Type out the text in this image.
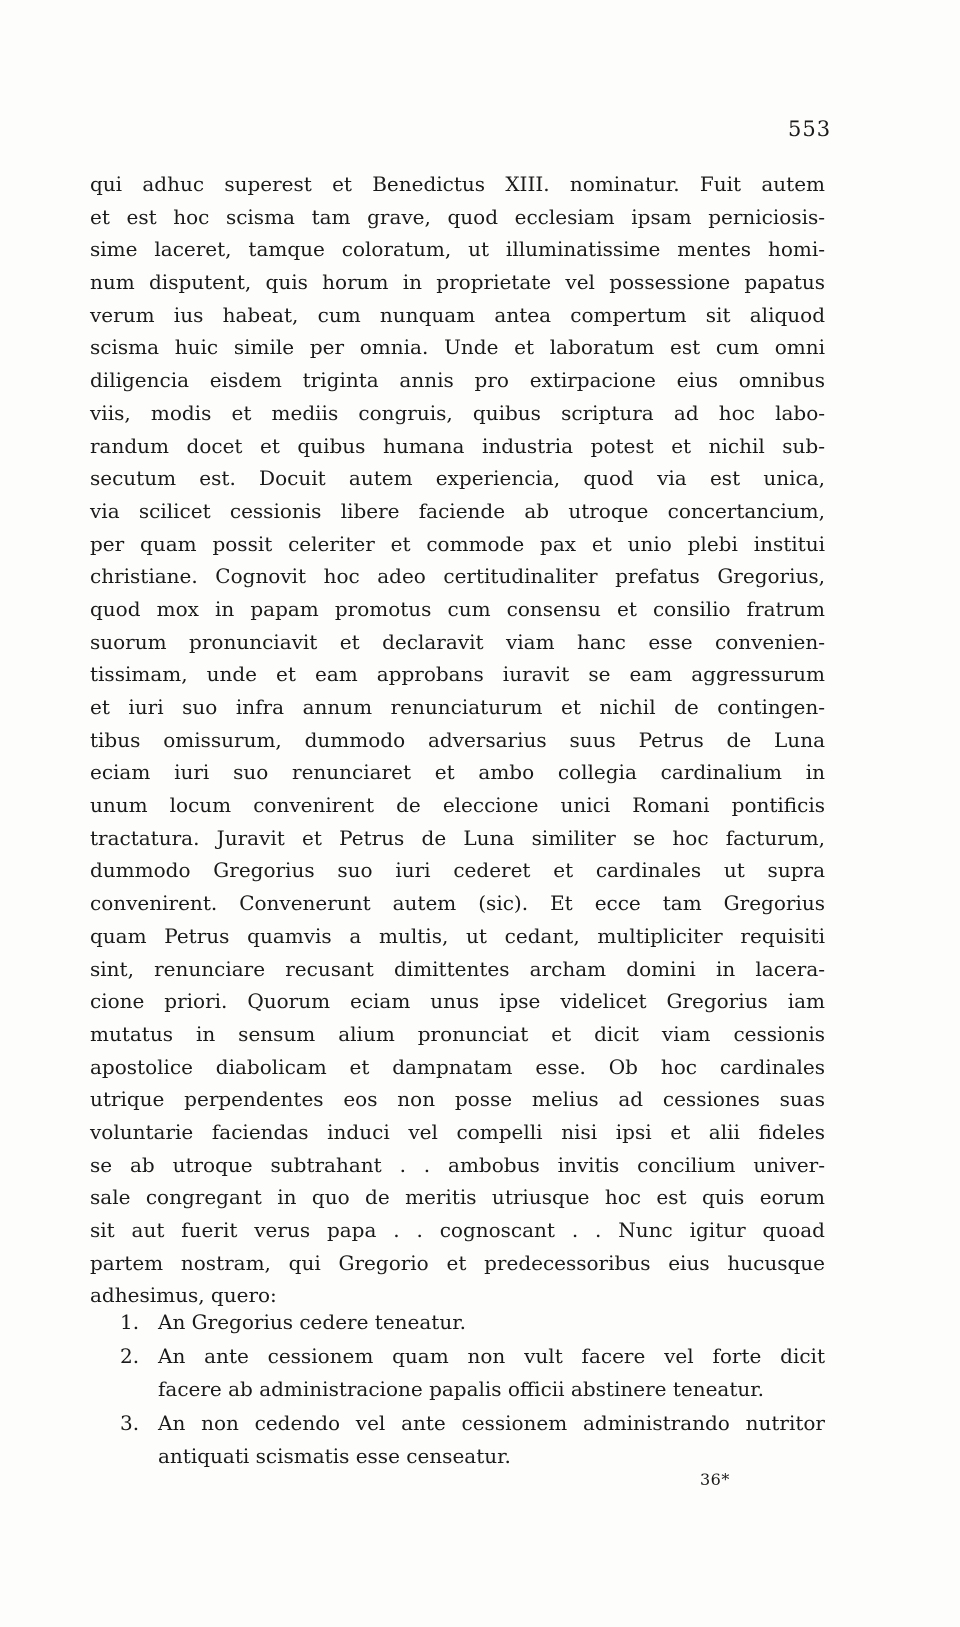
553
qui adhuc superest et Benedictus XIII. nominatur. Fuit autem
et est hoc scisma tam grave, quod ecclesiam ipsam perniciosis-
sime laceret, tamque coloratum, ut illuminatissime mentes homi-
num disputent, quis horum in proprietate vel possessione papatus
verum ius habeat, cum nunquam antea compertum sit aliquod
scisma huic simile per omnia. Unde et laboratum est cum omni
diligencia eisdem triginta annis pro extirpacione eius omnibus
viis, modis et mediis congruis, quibus scriptura ad hoc labo-
randum docet et quibus humana industria potest et nichil sub-
secutum est. Docuit autem experiencia, quod via est unica,
via scilicet cessionis libere faciende ab utroque concertancium,
per quam possit celeriter et commode pax et unio plebi institui
christiane. Cognovit hoc adeo certitudinaliter prefatus Gregorius,
quod mox in papam promotus cum consensu et consilio fratrum
suorum pronunciavit et declaravit viam hanc esse convenien-
tissimam, unde et eam approbans iuravit se eam aggressurum
et iuri suo infra annum renunciaturum et nichil de contingen-
tibus omissurum, dummodo adversarius suus Petrus de Luna
eciam iuri suo renunciaret et ambo collegia cardinalium in
unum locum convenirent de eleccione unici Romani pontificis
tractatura. Juravit et Petrus de Luna similiter se hoc facturum,
dummodo Gregorius suo iuri cederet et cardinales ut supra
convenirent. Convenerunt autem (sic). Et ecce tam Gregorius
quam Petrus quamvis a multis, ut cedant, multipliciter requisiti
sint, renunciare recusant dimittentes archam domini in lacera-
cione priori. Quorum eciam unus ipse videlicet Gregorius iam
mutatus in sensum alium pronunciat et dicit viam cessionis
apostolice diabolicam et dampnatam esse. Ob hoc cardinales
utrique perpendentes eos non posse melius ad cessiones suas
voluntarie faciendas induci vel compelli nisi ipsi et alii fideles
se ab utroque subtrahant . . ambobus invitis concilium univer-
sale congregant in quo de meritis utriusque hoc est quis eorum
sit aut fuerit verus papa . . cognoscant . . Nunc igitur quoad
partem nostram, qui Gregorio et predecessoribus eius hucusque
adhesimus, quero:
1. An Gregorius cedere teneatur.
2. An ante cessionem quam non vult facere vel forte dicit
facere ab administracione papalis officii abstinere teneatur.
3. An non cedendo vel ante cessionem administrando nutritor
antiquati scismatis esse censeatur.
36*
